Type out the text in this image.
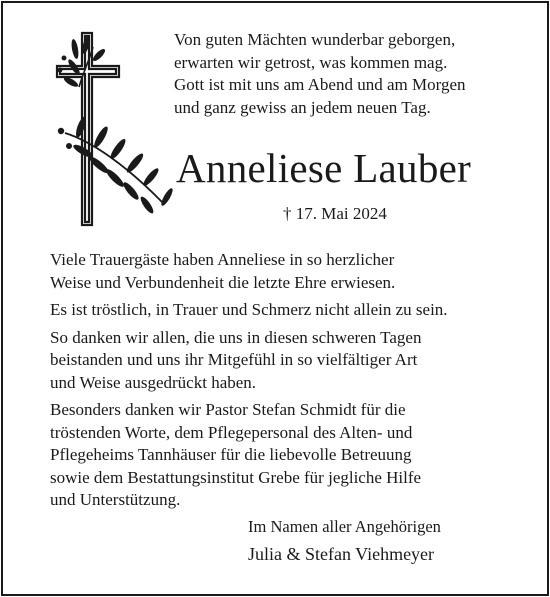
Von guten Mächten wunderbar geborgen,
erwarten wir getrost, was kommen mag.
Gott ist mit uns am Abend und am Morgen
und ganz gewiss an jedem neuen Tag.
Anneliese Lauber
† 17. Mai 2024
Viele Trauergäste haben Anneliese in so herzlicher
Weise und Verbundenheit die letzte Ehre erwiesen.
Es ist tröstlich, in Trauer und Schmerz nicht allein zu sein.
So danken wir allen, die uns in diesen schweren Tagen
beistanden und uns ihr Mitgefühl in so vielfältiger Art
und Weise ausgedrückt haben.
Besonders danken wir Pastor Stefan Schmidt für die
tröstenden Worte, dem Pflegepersonal des Alten- und
Pflegeheims Tannhäuser für die liebevolle Betreuung
sowie dem Bestattungsinstitut Grebe für jegliche Hilfe
und Unterstützung.
Im Namen aller Angehörigen
Julia & Stefan Viehmeyer
